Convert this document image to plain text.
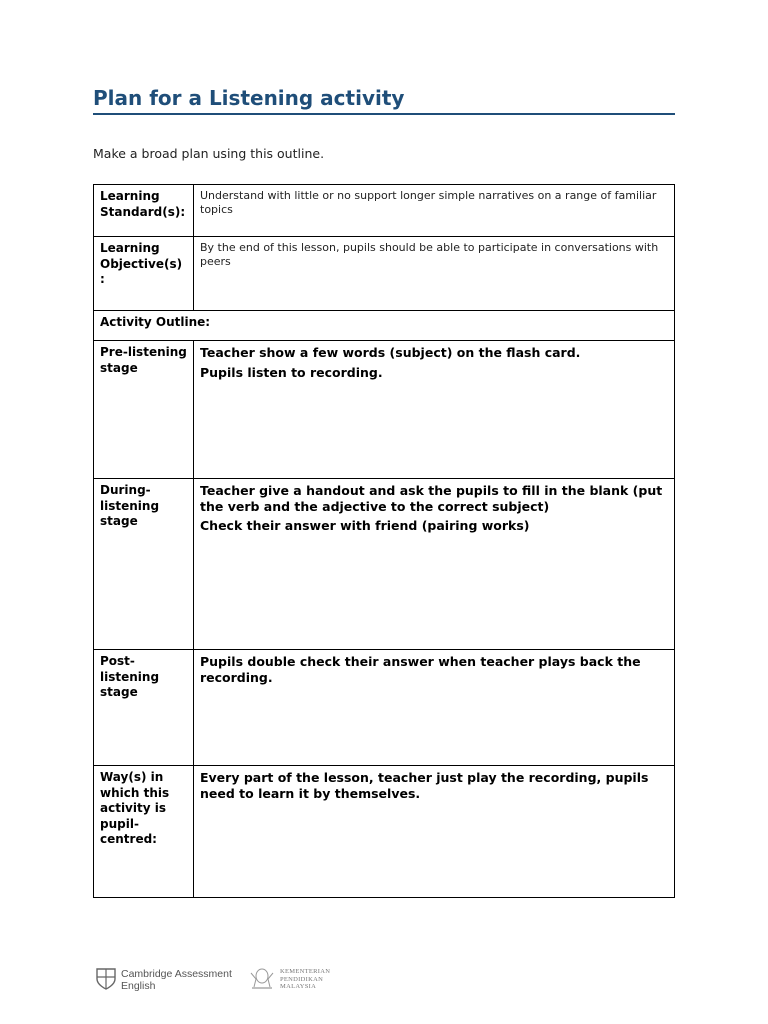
Plan for a Listening activity
Make a broad plan using this outline.
Learning Standard(s):	Understand with little or no support longer simple narratives on a range of familiar topics
Learning Objective(s) :	By the end of this lesson, pupils should be able to participate in conversations with peers
Activity Outline:	
Pre-listening stage	Teacher show a few words (subject) on the flash card.

Pupils listen to recording.

During-listening stage	Teacher give a handout and ask the pupils to fill in the blank (put the verb and the adjective to the correct subject)

Check their answer with friend (pairing works)

Post-listening stage	Pupils double check their answer when teacher plays back the recording.

Way(s) in which this activity is pupil-centred:	Every part of the lesson, teacher just play the recording, pupils need to learn it by themselves.

Cambridge Assessment
English
KEMENTERIAN
PENDIDIKAN
MALAYSIA
